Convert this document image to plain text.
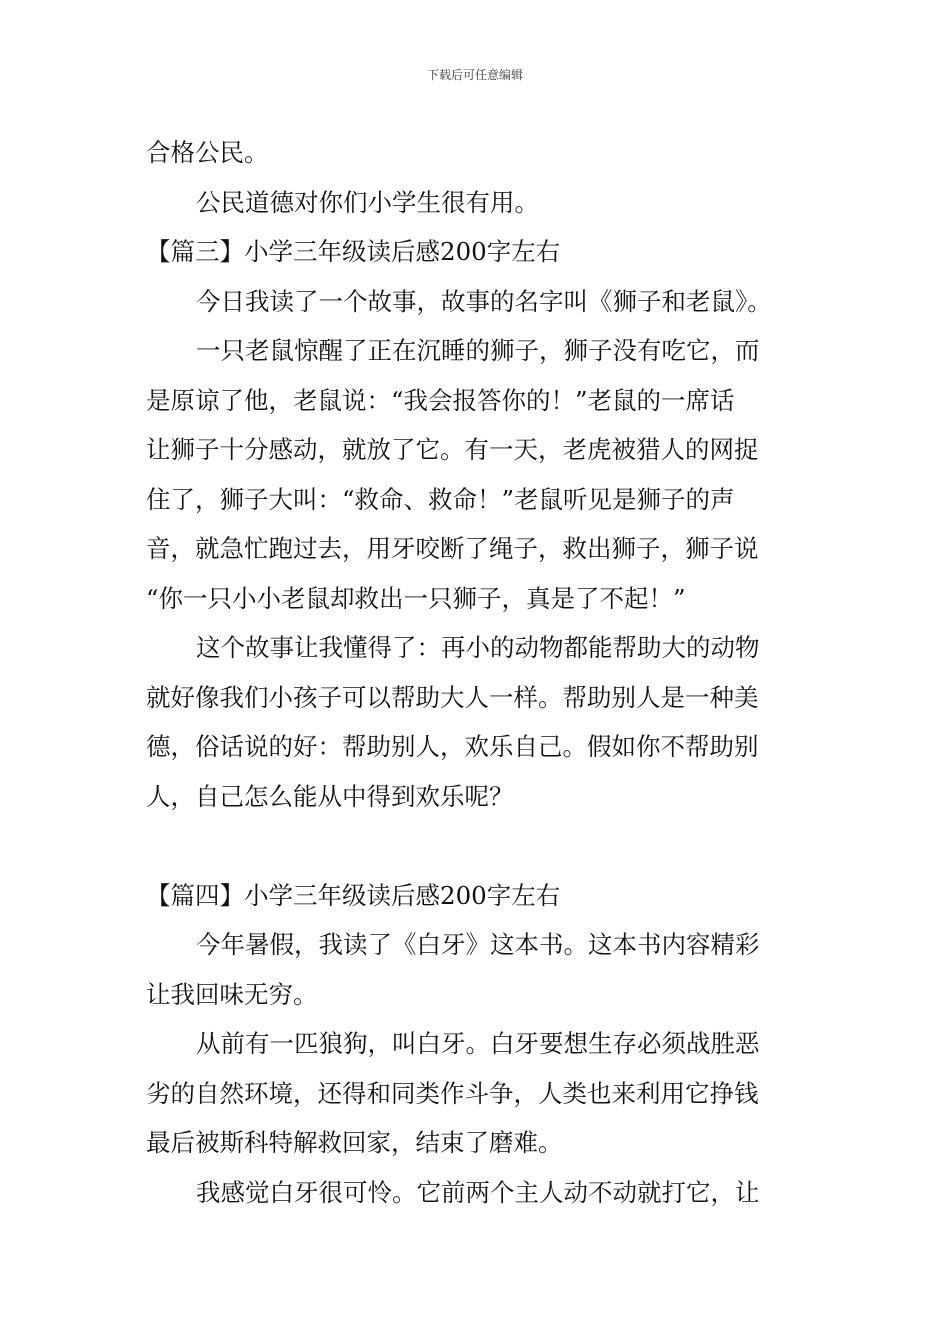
下载后可任意编辑

合格公民。

公民道德对你们小学生很有用。

【篇三】小学三年级读后感200字左右

今日我读了一个故事，故事的名字叫《狮子和老鼠》。

一只老鼠惊醒了正在沉睡的狮子，狮子没有吃它，而

是原谅了他，老鼠说：“我会报答你的！”老鼠的一席话

让狮子十分感动，就放了它。有一天，老虎被猎人的网捉

住了，狮子大叫：“救命、救命！”老鼠听见是狮子的声

音，就急忙跑过去，用牙咬断了绳子，救出狮子，狮子说

“你一只小小老鼠却救出一只狮子，真是了不起！”

这个故事让我懂得了：再小的动物都能帮助大的动物

就好像我们小孩子可以帮助大人一样。帮助别人是一种美

德，俗话说的好：帮助别人，欢乐自己。假如你不帮助别

人，自己怎么能从中得到欢乐呢？

【篇四】小学三年级读后感200字左右

今年暑假，我读了《白牙》这本书。这本书内容精彩

让我回味无穷。

从前有一匹狼狗，叫白牙。白牙要想生存必须战胜恶

劣的自然环境，还得和同类作斗争，人类也来利用它挣钱

最后被斯科特解救回家，结束了磨难。

我感觉白牙很可怜。它前两个主人动不动就打它，让
